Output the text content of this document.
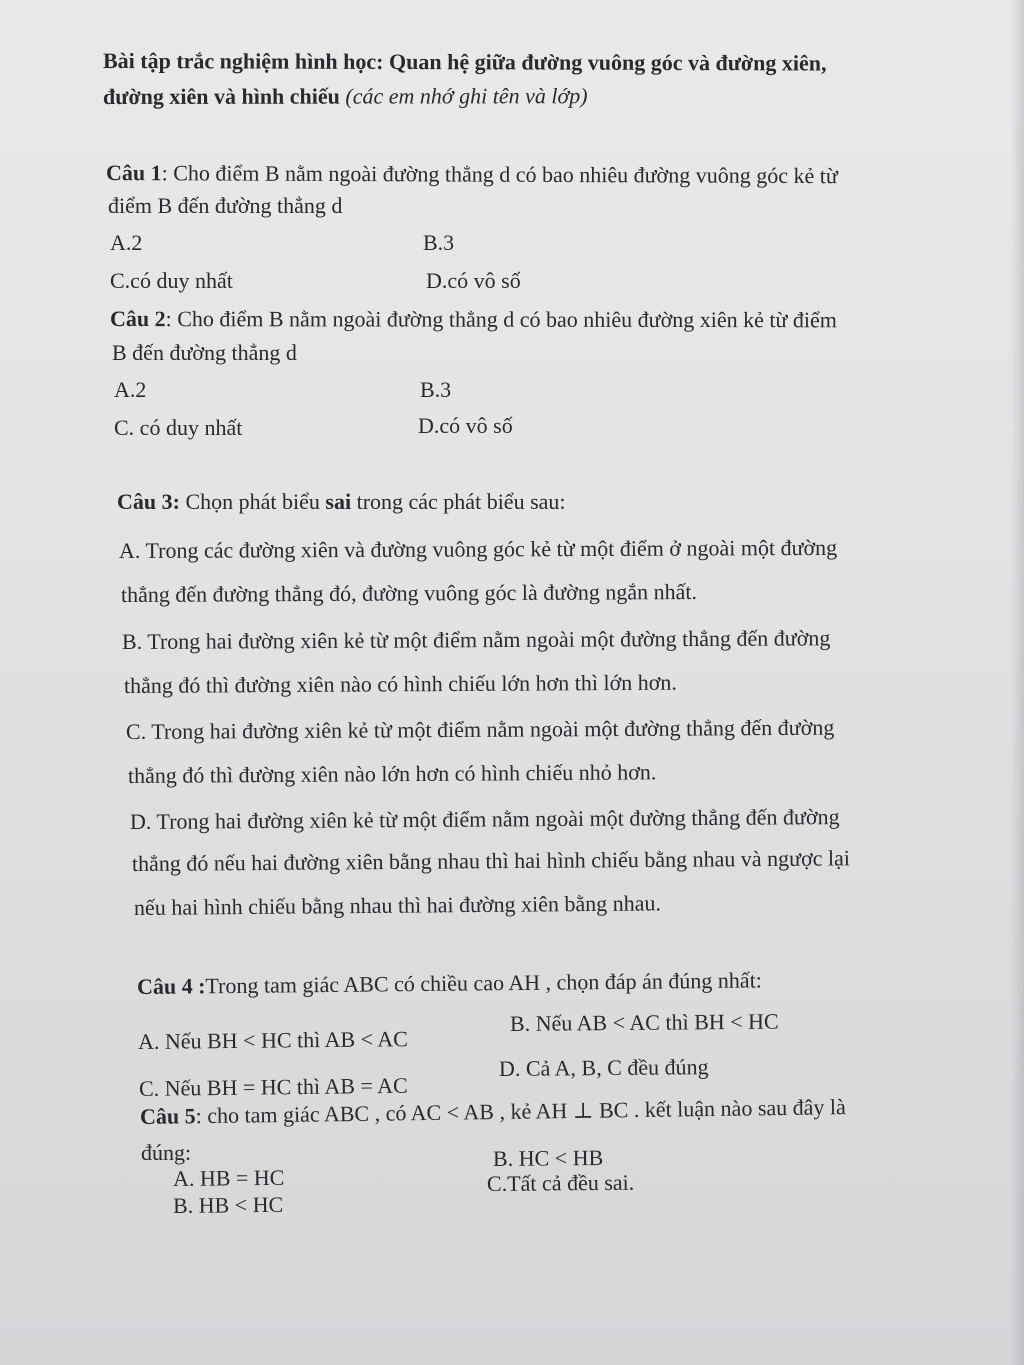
Bài tập trắc nghiệm hình học: Quan hệ giữa đường vuông góc và đường xiên,
đường xiên và hình chiếu (các em nhớ ghi tên và lớp)
Câu 1: Cho điểm B nằm ngoài đường thẳng d có bao nhiêu đường vuông góc kẻ từ
điểm B đến đường thẳng d
A.2	B.3
C.có duy nhất	D.có vô số
Câu 2: Cho điểm B nằm ngoài đường thẳng d có bao nhiêu đường xiên kẻ từ điểm
B đến đường thẳng d
A.2	B.3
C. có duy nhất	D.có vô số
Câu 3: Chọn phát biểu sai trong các phát biểu sau:
A. Trong các đường xiên và đường vuông góc kẻ từ một điểm ở ngoài một đường
thẳng đến đường thẳng đó, đường vuông góc là đường ngắn nhất.
B. Trong hai đường xiên kẻ từ một điểm nằm ngoài một đường thẳng đến đường
thẳng đó thì đường xiên nào có hình chiếu lớn hơn thì lớn hơn.
C. Trong hai đường xiên kẻ từ một điểm nằm ngoài một đường thẳng đến đường
thẳng đó thì đường xiên nào lớn hơn có hình chiếu nhỏ hơn.
D. Trong hai đường xiên kẻ từ một điểm nằm ngoài một đường thẳng đến đường
thẳng đó nếu hai đường xiên bằng nhau thì hai hình chiếu bằng nhau và ngược lại
nếu hai hình chiếu bằng nhau thì hai đường xiên bằng nhau.
Câu 4 :Trong tam giác ABC có chiều cao AH , chọn đáp án đúng nhất:
A. Nếu BH < HC thì AB < AC
B. Nếu AB < AC thì BH < HC
C. Nếu BH = HC thì AB = AC
D. Cả A, B, C đều đúng
Câu 5: cho tam giác ABC , có AC < AB , kẻ AH ⊥ BC . kết luận nào sau đây là
đúng:
A. HB = HC
B. HC < HB
C.Tất cả đều sai.
B. HB < HC
